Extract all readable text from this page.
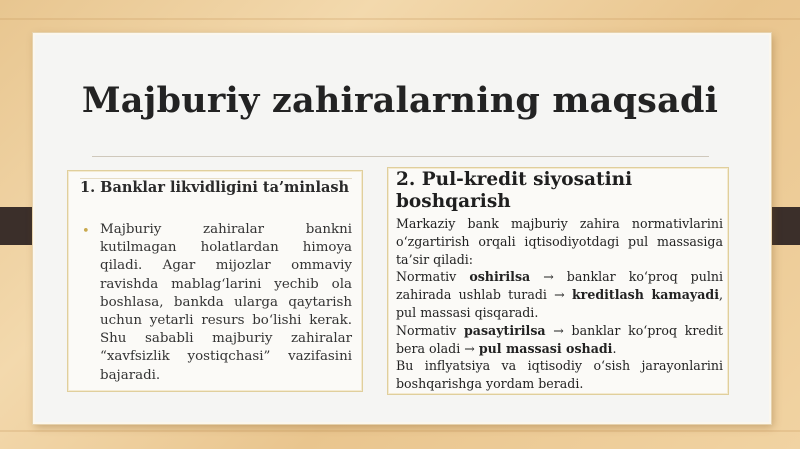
Majburiy zahiralarning maqsadi
1. Banklar likvidligini ta’minlash
• Majburiy zahiralar bankni kutilmagan holatlardan himoya qiladi. Agar mijozlar ommaviy ravishda mablag‘larini yechib ola boshlasa, bankda ularga qaytarish uchun yetarli resurs bo‘lishi kerak. Shu sababli majburiy zahiralar “xavfsizlik yostiqchasi” vazifasini bajaradi.
2. Pul-kredit siyosatini boshqarish

Markaziy bank majburiy zahira normativlarini o‘zgartirish orqali iqtisodiyotdagi pul massasiga ta’sir qiladi:

Normativ oshirilsa → banklar ko‘proq pulni zahirada ushlab turadi → kreditlash kamayadi, pul massasi qisqaradi.

Normativ pasaytirilsa → banklar ko‘proq kredit bera oladi → pul massasi oshadi.

Bu inflyatsiya va iqtisodiy o‘sish jarayonlarini boshqarishga yordam beradi.
